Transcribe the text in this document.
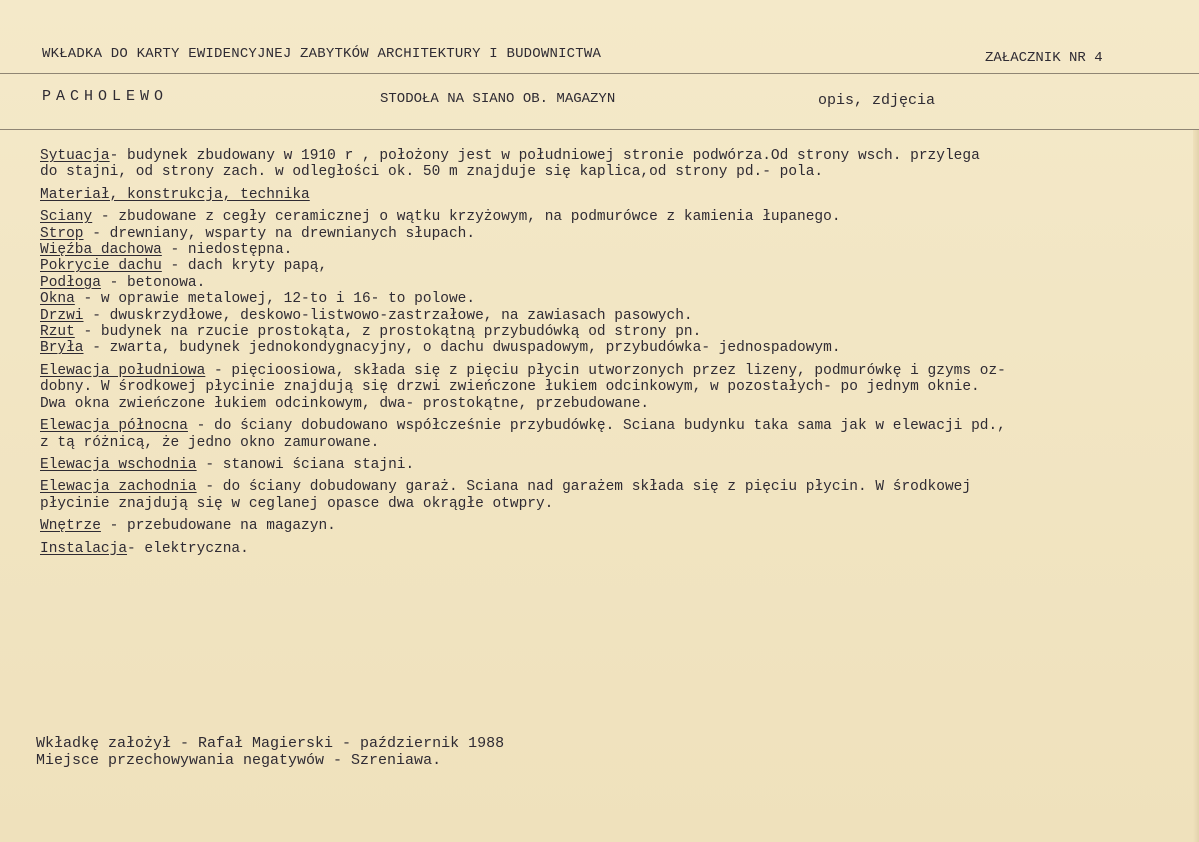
WKŁADKA DO KARTY EWIDENCYJNEJ ZABYTKÓW ARCHITEKTURY I BUDOWNICTWA	ZAŁACZNIK NR 4
PACHOLEWO	STODOŁA NA SIANO OB. MAGAZYN	opis, zdjęcia

Sytuacja- budynek zbudowany w 1910 r , położony jest w południowej stronie podwórza.Od strony wsch. przylega

do stajni, od strony zach. w odległości ok. 50 m znajduje się kaplica,od strony pd.- pola.

Materiał, konstrukcja, technika

Sciany - zbudowane z cegły ceramicznej o wątku krzyżowym, na podmurówce z kamienia łupanego.

Strop - drewniany, wsparty na drewnianych słupach.

Więźba dachowa - niedostępna.

Pokrycie dachu - dach kryty papą,

Podłoga - betonowa.

Okna - w oprawie metalowej, 12-to i 16- to polowe.

Drzwi - dwuskrzydłowe, deskowo-listwowo-zastrzałowe, na zawiasach pasowych.

Rzut - budynek na rzucie prostokąta, z prostokątną przybudówką od strony pn.

Bryła - zwarta, budynek jednokondygnacyjny, o dachu dwuspadowym, przybudówka- jednospadowym.

Elewacja południowa - pięcioosiowa, składa się z pięciu płycin utworzonych przez lizeny, podmurówkę i gzyms oz-

dobny. W środkowej płycinie znajdują się drzwi zwieńczone łukiem odcinkowym, w pozostałych- po jednym oknie.

Dwa okna zwieńczone łukiem odcinkowym, dwa- prostokątne, przebudowane.

Elewacja północna - do ściany dobudowano współcześnie przybudówkę. Sciana budynku taka sama jak w elewacji pd.,

z tą różnicą, że jedno okno zamurowane.

Elewacja wschodnia - stanowi ściana stajni.

Elewacja zachodnia - do ściany dobudowany garaż. Sciana nad garażem składa się z pięciu płycin. W środkowej

płycinie znajdują się w ceglanej opasce dwa okrągłe otwpry.

Wnętrze - przebudowane na magazyn.

Instalacja- elektryczna.

Wkładkę założył - Rafał Magierski - październik 1988
Miejsce przechowywania negatywów - Szreniawa.
